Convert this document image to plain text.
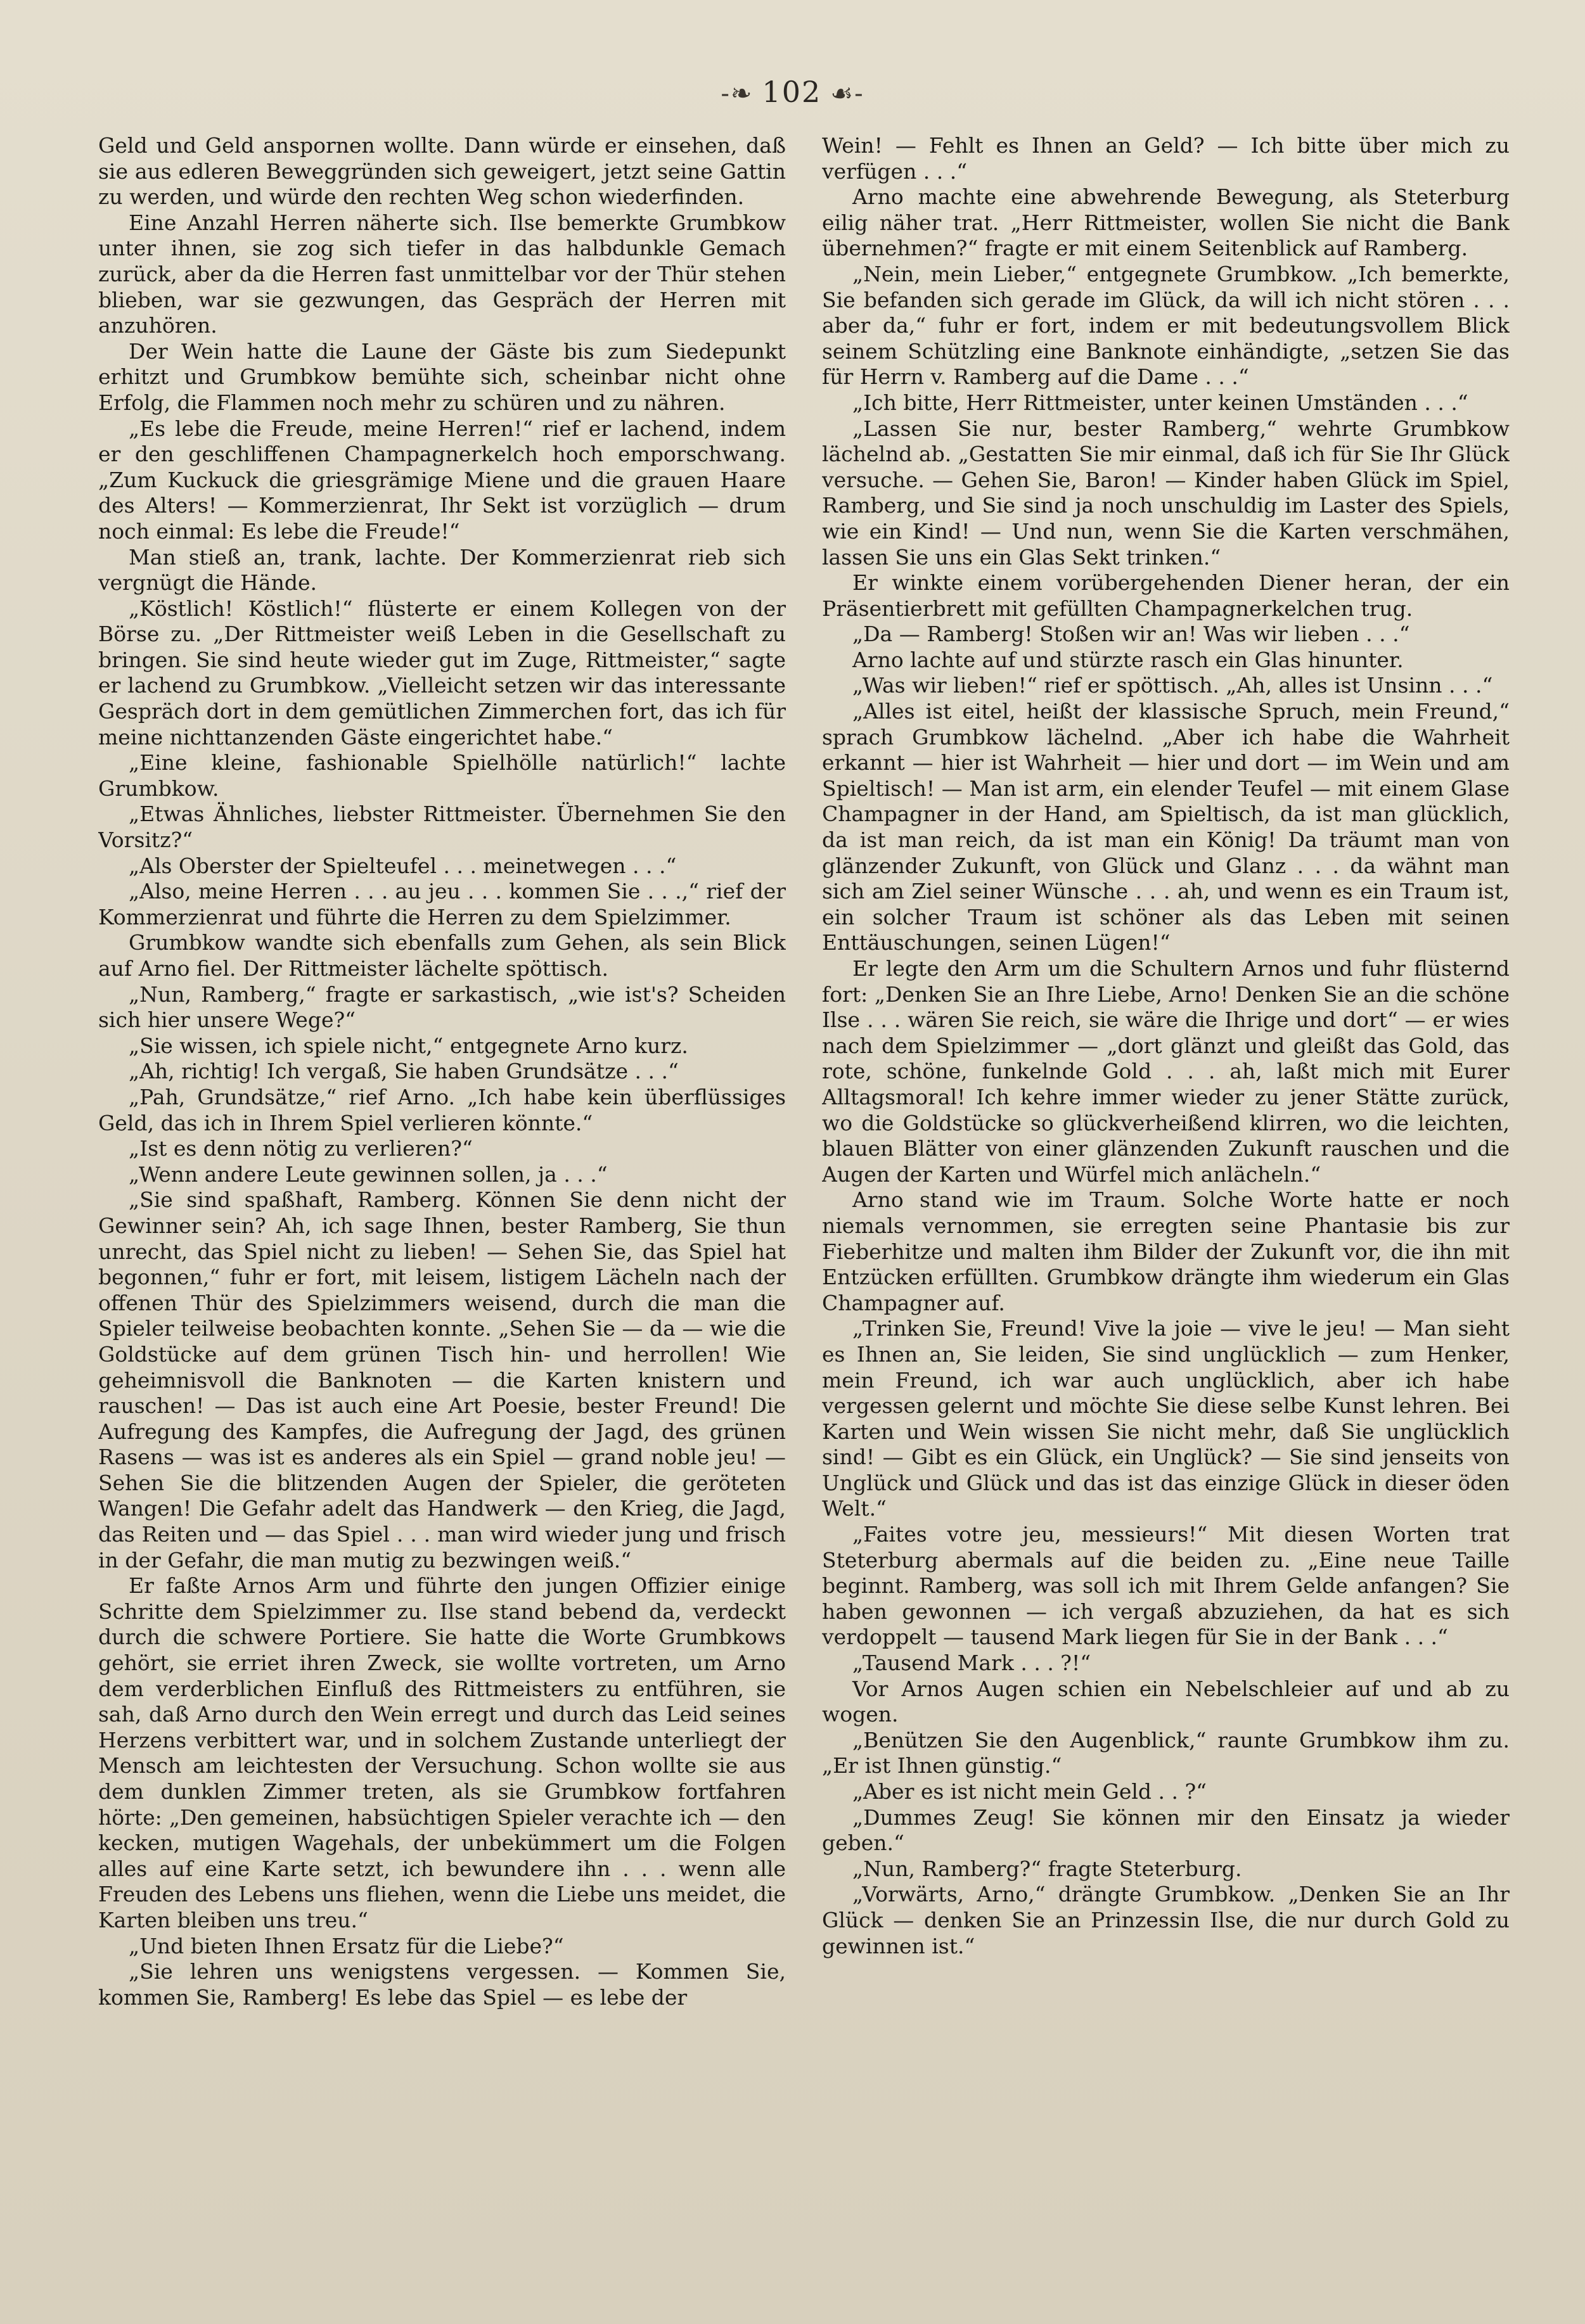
-❧ 102 ☙-

Geld und Geld anspornen wollte. Dann würde er einsehen, daß sie aus edleren Beweggründen sich geweigert, jetzt seine Gattin zu werden, und würde den rechten Weg schon wiederfinden.

Eine Anzahl Herren näherte sich. Ilse bemerkte Grumbkow unter ihnen, sie zog sich tiefer in das halbdunkle Gemach zurück, aber da die Herren fast unmittelbar vor der Thür stehen blieben, war sie gezwungen, das Gespräch der Herren mit anzuhören.

Der Wein hatte die Laune der Gäste bis zum Siedepunkt erhitzt und Grumbkow bemühte sich, scheinbar nicht ohne Erfolg, die Flammen noch mehr zu schüren und zu nähren.

„Es lebe die Freude, meine Herren!“ rief er lachend, indem er den geschliffenen Champagnerkelch hoch emporschwang. „Zum Kuckuck die griesgrämige Miene und die grauen Haare des Alters! — Kommerzienrat, Ihr Sekt ist vorzüglich — drum noch einmal: Es lebe die Freude!“

Man stieß an, trank, lachte. Der Kommerzienrat rieb sich vergnügt die Hände.

„Köstlich! Köstlich!“ flüsterte er einem Kollegen von der Börse zu. „Der Rittmeister weiß Leben in die Gesellschaft zu bringen. Sie sind heute wieder gut im Zuge, Rittmeister,“ sagte er lachend zu Grumbkow. „Vielleicht setzen wir das interessante Gespräch dort in dem gemütlichen Zimmerchen fort, das ich für meine nichttanzenden Gäste eingerichtet habe.“

„Eine kleine, fashionable Spielhölle natürlich!“ lachte Grumbkow.

„Etwas Ähnliches, liebster Rittmeister. Übernehmen Sie den Vorsitz?“

„Als Oberster der Spielteufel . . . meinetwegen . . .“

„Also, meine Herren . . . au jeu . . . kommen Sie . . .,“ rief der Kommerzienrat und führte die Herren zu dem Spielzimmer.

Grumbkow wandte sich ebenfalls zum Gehen, als sein Blick auf Arno fiel. Der Rittmeister lächelte spöttisch.

„Nun, Ramberg,“ fragte er sarkastisch, „wie ist's? Scheiden sich hier unsere Wege?“

„Sie wissen, ich spiele nicht,“ entgegnete Arno kurz.

„Ah, richtig! Ich vergaß, Sie haben Grundsätze . . .“

„Pah, Grundsätze,“ rief Arno. „Ich habe kein überflüssiges Geld, das ich in Ihrem Spiel verlieren könnte.“

„Ist es denn nötig zu verlieren?“

„Wenn andere Leute gewinnen sollen, ja . . .“

„Sie sind spaßhaft, Ramberg. Können Sie denn nicht der Gewinner sein? Ah, ich sage Ihnen, bester Ramberg, Sie thun unrecht, das Spiel nicht zu lieben! — Sehen Sie, das Spiel hat begonnen,“ fuhr er fort, mit leisem, listigem Lächeln nach der offenen Thür des Spielzimmers weisend, durch die man die Spieler teilweise beobachten konnte. „Sehen Sie — da — wie die Goldstücke auf dem grünen Tisch hin- und herrollen! Wie geheimnisvoll die Banknoten — die Karten knistern und rauschen! — Das ist auch eine Art Poesie, bester Freund! Die Aufregung des Kampfes, die Aufregung der Jagd, des grünen Rasens — was ist es anderes als ein Spiel — grand noble jeu! — Sehen Sie die blitzenden Augen der Spieler, die geröteten Wangen! Die Gefahr adelt das Handwerk — den Krieg, die Jagd, das Reiten und — das Spiel . . . man wird wieder jung und frisch in der Gefahr, die man mutig zu bezwingen weiß.“

Er faßte Arnos Arm und führte den jungen Offizier einige Schritte dem Spielzimmer zu. Ilse stand bebend da, verdeckt durch die schwere Portiere. Sie hatte die Worte Grumbkows gehört, sie erriet ihren Zweck, sie wollte vortreten, um Arno dem verderblichen Einfluß des Rittmeisters zu entführen, sie sah, daß Arno durch den Wein erregt und durch das Leid seines Herzens verbittert war, und in solchem Zustande unterliegt der Mensch am leichtesten der Versuchung. Schon wollte sie aus dem dunklen Zimmer treten, als sie Grumbkow fortfahren hörte: „Den gemeinen, habsüchtigen Spieler verachte ich — den kecken, mutigen Wagehals, der unbekümmert um die Folgen alles auf eine Karte setzt, ich bewundere ihn . . . wenn alle Freuden des Lebens uns fliehen, wenn die Liebe uns meidet, die Karten bleiben uns treu.“

„Und bieten Ihnen Ersatz für die Liebe?“

„Sie lehren uns wenigstens vergessen. — Kommen Sie, kommen Sie, Ramberg! Es lebe das Spiel — es lebe der

Wein! — Fehlt es Ihnen an Geld? — Ich bitte über mich zu verfügen . . .“

Arno machte eine abwehrende Bewegung, als Steterburg eilig näher trat. „Herr Rittmeister, wollen Sie nicht die Bank übernehmen?“ fragte er mit einem Seitenblick auf Ramberg.

„Nein, mein Lieber,“ entgegnete Grumbkow. „Ich bemerkte, Sie befanden sich gerade im Glück, da will ich nicht stören . . . aber da,“ fuhr er fort, indem er mit bedeutungsvollem Blick seinem Schützling eine Banknote einhändigte, „setzen Sie das für Herrn v. Ramberg auf die Dame . . .“

„Ich bitte, Herr Rittmeister, unter keinen Umständen . . .“

„Lassen Sie nur, bester Ramberg,“ wehrte Grumbkow lächelnd ab. „Gestatten Sie mir einmal, daß ich für Sie Ihr Glück versuche. — Gehen Sie, Baron! — Kinder haben Glück im Spiel, Ramberg, und Sie sind ja noch unschuldig im Laster des Spiels, wie ein Kind! — Und nun, wenn Sie die Karten verschmähen, lassen Sie uns ein Glas Sekt trinken.“

Er winkte einem vorübergehenden Diener heran, der ein Präsentierbrett mit gefüllten Champagnerkelchen trug.

„Da — Ramberg! Stoßen wir an! Was wir lieben . . .“

Arno lachte auf und stürzte rasch ein Glas hinunter.

„Was wir lieben!“ rief er spöttisch. „Ah, alles ist Unsinn . . .“

„Alles ist eitel, heißt der klassische Spruch, mein Freund,“ sprach Grumbkow lächelnd. „Aber ich habe die Wahrheit erkannt — hier ist Wahrheit — hier und dort — im Wein und am Spieltisch! — Man ist arm, ein elender Teufel — mit einem Glase Champagner in der Hand, am Spieltisch, da ist man glücklich, da ist man reich, da ist man ein König! Da träumt man von glänzender Zukunft, von Glück und Glanz . . . da wähnt man sich am Ziel seiner Wünsche . . . ah, und wenn es ein Traum ist, ein solcher Traum ist schöner als das Leben mit seinen Enttäuschungen, seinen Lügen!“

Er legte den Arm um die Schultern Arnos und fuhr flüsternd fort: „Denken Sie an Ihre Liebe, Arno! Denken Sie an die schöne Ilse . . . wären Sie reich, sie wäre die Ihrige und dort“ — er wies nach dem Spielzimmer — „dort glänzt und gleißt das Gold, das rote, schöne, funkelnde Gold . . . ah, laßt mich mit Eurer Alltagsmoral! Ich kehre immer wieder zu jener Stätte zurück, wo die Goldstücke so glückverheißend klirren, wo die leichten, blauen Blätter von einer glänzenden Zukunft rauschen und die Augen der Karten und Würfel mich anlächeln.“

Arno stand wie im Traum. Solche Worte hatte er noch niemals vernommen, sie erregten seine Phantasie bis zur Fieberhitze und malten ihm Bilder der Zukunft vor, die ihn mit Entzücken erfüllten. Grumbkow drängte ihm wiederum ein Glas Champagner auf.

„Trinken Sie, Freund! Vive la joie — vive le jeu! — Man sieht es Ihnen an, Sie leiden, Sie sind unglücklich — zum Henker, mein Freund, ich war auch unglücklich, aber ich habe vergessen gelernt und möchte Sie diese selbe Kunst lehren. Bei Karten und Wein wissen Sie nicht mehr, daß Sie unglücklich sind! — Gibt es ein Glück, ein Unglück? — Sie sind jenseits von Unglück und Glück und das ist das einzige Glück in dieser öden Welt.“

„Faites votre jeu, messieurs!“ Mit diesen Worten trat Steterburg abermals auf die beiden zu. „Eine neue Taille beginnt. Ramberg, was soll ich mit Ihrem Gelde anfangen? Sie haben gewonnen — ich vergaß abzuziehen, da hat es sich verdoppelt — tausend Mark liegen für Sie in der Bank . . .“

„Tausend Mark . . . ?!“

Vor Arnos Augen schien ein Nebelschleier auf und ab zu wogen.

„Benützen Sie den Augenblick,“ raunte Grumbkow ihm zu. „Er ist Ihnen günstig.“

„Aber es ist nicht mein Geld . . ?“

„Dummes Zeug! Sie können mir den Einsatz ja wieder geben.“

„Nun, Ramberg?“ fragte Steterburg.

„Vorwärts, Arno,“ drängte Grumbkow. „Denken Sie an Ihr Glück — denken Sie an Prinzessin Ilse, die nur durch Gold zu gewinnen ist.“
